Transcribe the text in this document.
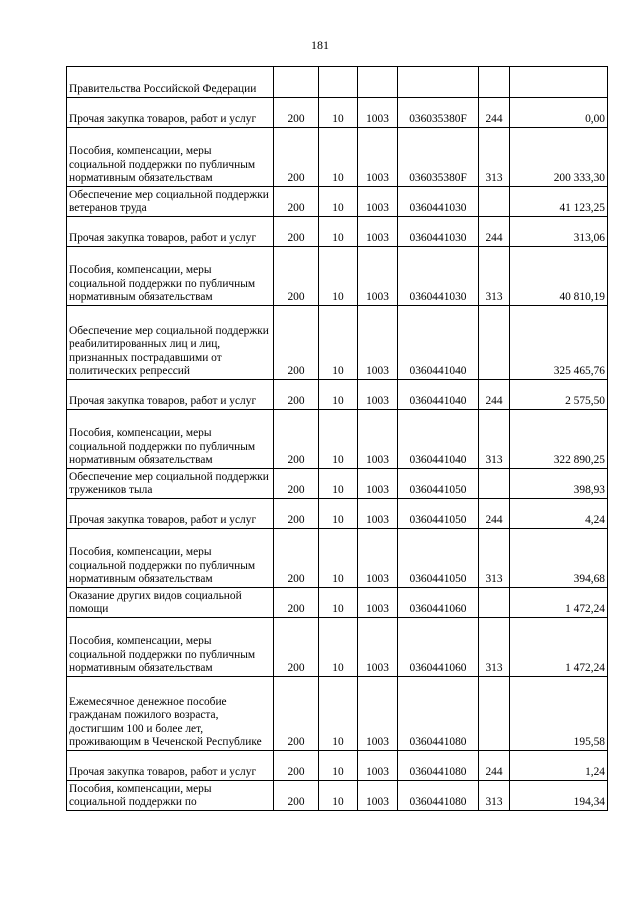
181
Правительства Российской Федерации						
Прочая закупка товаров, работ и услуг	200	10	1003	036035380F	244	0,00
Пособия, компенсации, меры социальной поддержки по публичным нормативным обязательствам	200	10	1003	036035380F	313	200 333,30
Обеспечение мер социальной поддержки ветеранов труда	200	10	1003	0360441030		41 123,25
Прочая закупка товаров, работ и услуг	200	10	1003	0360441030	244	313,06
Пособия, компенсации, меры социальной поддержки по публичным нормативным обязательствам	200	10	1003	0360441030	313	40 810,19
Обеспечение мер социальной поддержки реабилитированных лиц и лиц, признанных пострадавшими от политических репрессий	200	10	1003	0360441040		325 465,76
Прочая закупка товаров, работ и услуг	200	10	1003	0360441040	244	2 575,50
Пособия, компенсации, меры социальной поддержки по публичным нормативным обязательствам	200	10	1003	0360441040	313	322 890,25
Обеспечение мер социальной поддержки тружеников тыла	200	10	1003	0360441050		398,93
Прочая закупка товаров, работ и услуг	200	10	1003	0360441050	244	4,24
Пособия, компенсации, меры социальной поддержки по публичным нормативным обязательствам	200	10	1003	0360441050	313	394,68
Оказание других видов социальной помощи	200	10	1003	0360441060		1 472,24
Пособия, компенсации, меры социальной поддержки по публичным нормативным обязательствам	200	10	1003	0360441060	313	1 472,24
Ежемесячное денежное пособие гражданам пожилого возраста, достигшим 100 и более лет, проживающим в Чеченской Республике	200	10	1003	0360441080		195,58
Прочая закупка товаров, работ и услуг	200	10	1003	0360441080	244	1,24
Пособия, компенсации, меры социальной поддержки по	200	10	1003	0360441080	313	194,34
